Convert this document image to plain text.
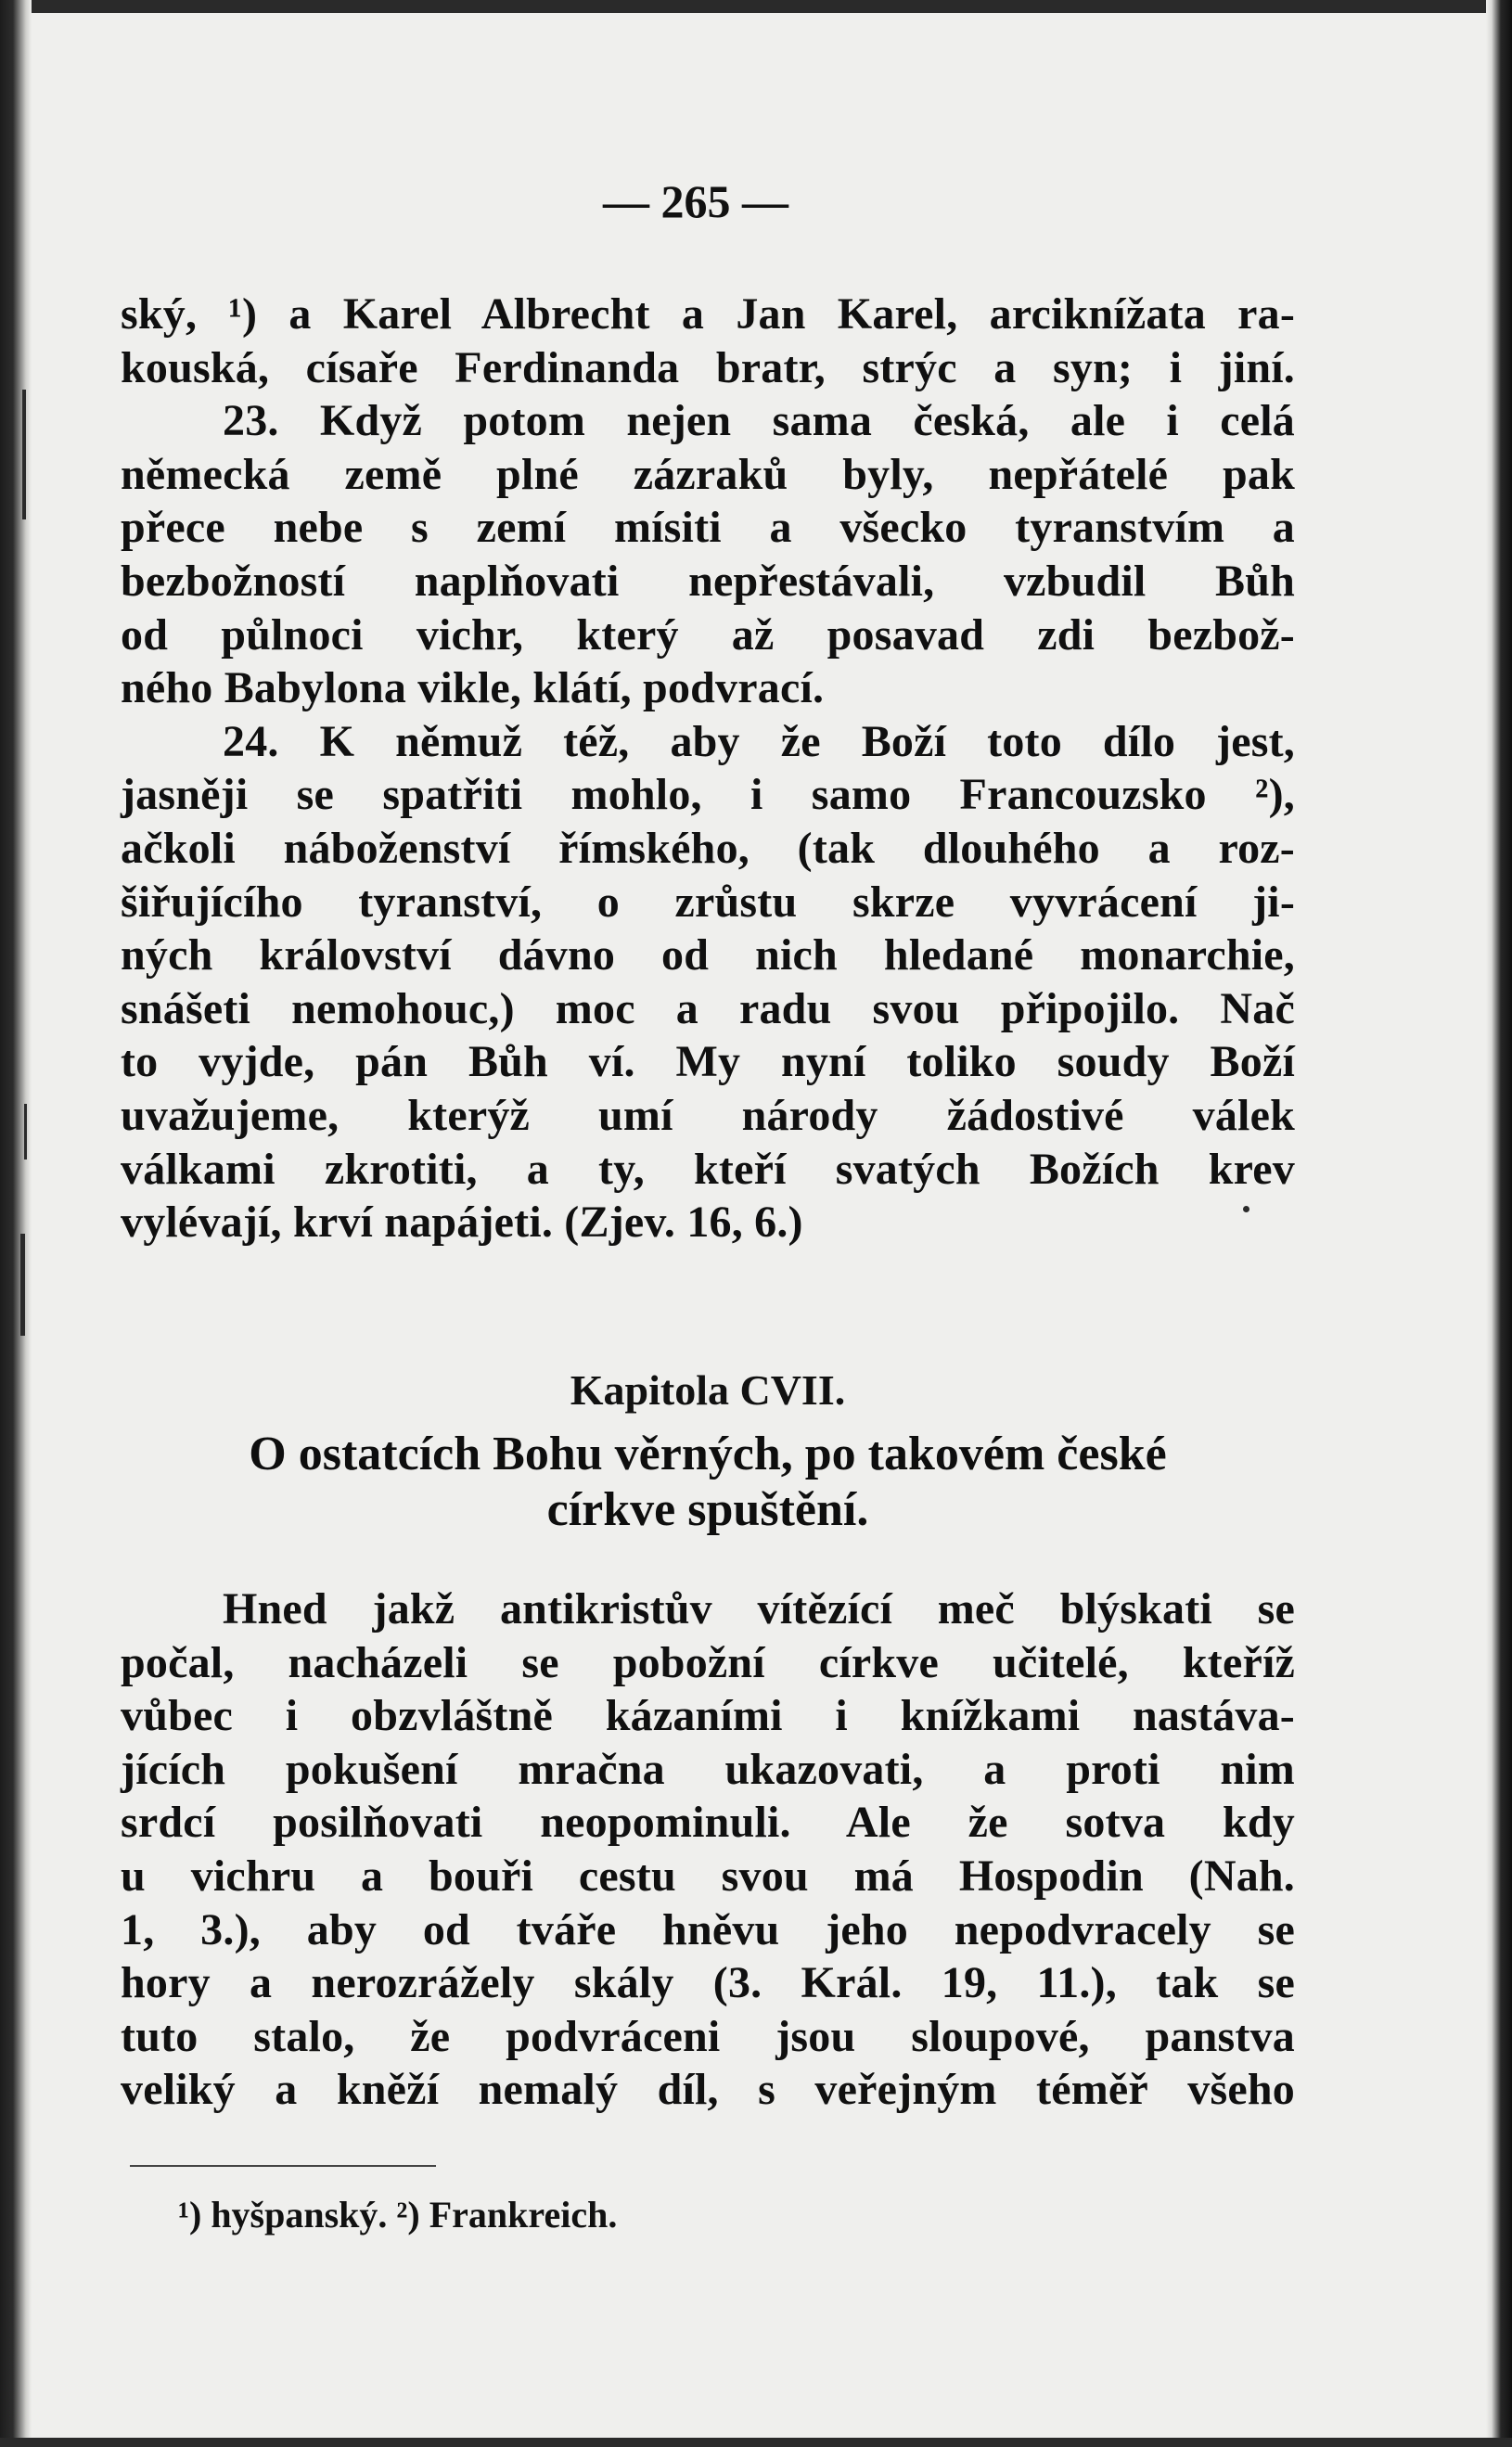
— 265 —
ský, ¹) a Karel Albrecht a Jan Karel, arciknížata ra-
kouská, císaře Ferdinanda bratr, strýc a syn; i jiní.
23. Když potom nejen sama česká, ale i celá
německá země plné zázraků byly, nepřátelé pak
přece nebe s zemí mísiti a všecko tyranstvím a
bezbožností naplňovati nepřestávali, vzbudil Bůh
od půlnoci vichr, který až posavad zdi bezbož-
ného Babylona vikle, klátí, podvrací.
24. K němuž též, aby že Boží toto dílo jest,
jasněji se spatřiti mohlo, i samo Francouzsko ²),
ačkoli náboženství římského, (tak dlouhého a roz-
šiřujícího tyranství, o zrůstu skrze vyvrácení ji-
ných království dávno od nich hledané monarchie,
snášeti nemohouc,) moc a radu svou připojilo. Nač
to vyjde, pán Bůh ví. My nyní toliko soudy Boží
uvažujeme, kterýž umí národy žádostivé válek
válkami zkrotiti, a ty, kteří svatých Božích krev
vylévají, krví napájeti. (Zjev. 16, 6.)
Kapitola CVII.
O ostatcích Bohu věrných, po takovém české
církve spuštění.
Hned jakž antikristův vítězící meč blýskati se
počal, nacházeli se pobožní církve učitelé, kteříž
vůbec i obzvláštně kázaními i knížkami nastáva-
jících pokušení mračna ukazovati, a proti nim
srdcí posilňovati neopominuli. Ale že sotva kdy
u vichru a bouři cestu svou má Hospodin (Nah.
1, 3.), aby od tváře hněvu jeho nepodvracely se
hory a nerozrážely skály (3. Král. 19, 11.), tak se
tuto stalo, že podvráceni jsou sloupové, panstva
veliký a kněží nemalý díl, s veřejným téměř všeho
¹) hyšpanský. ²) Frankreich.
